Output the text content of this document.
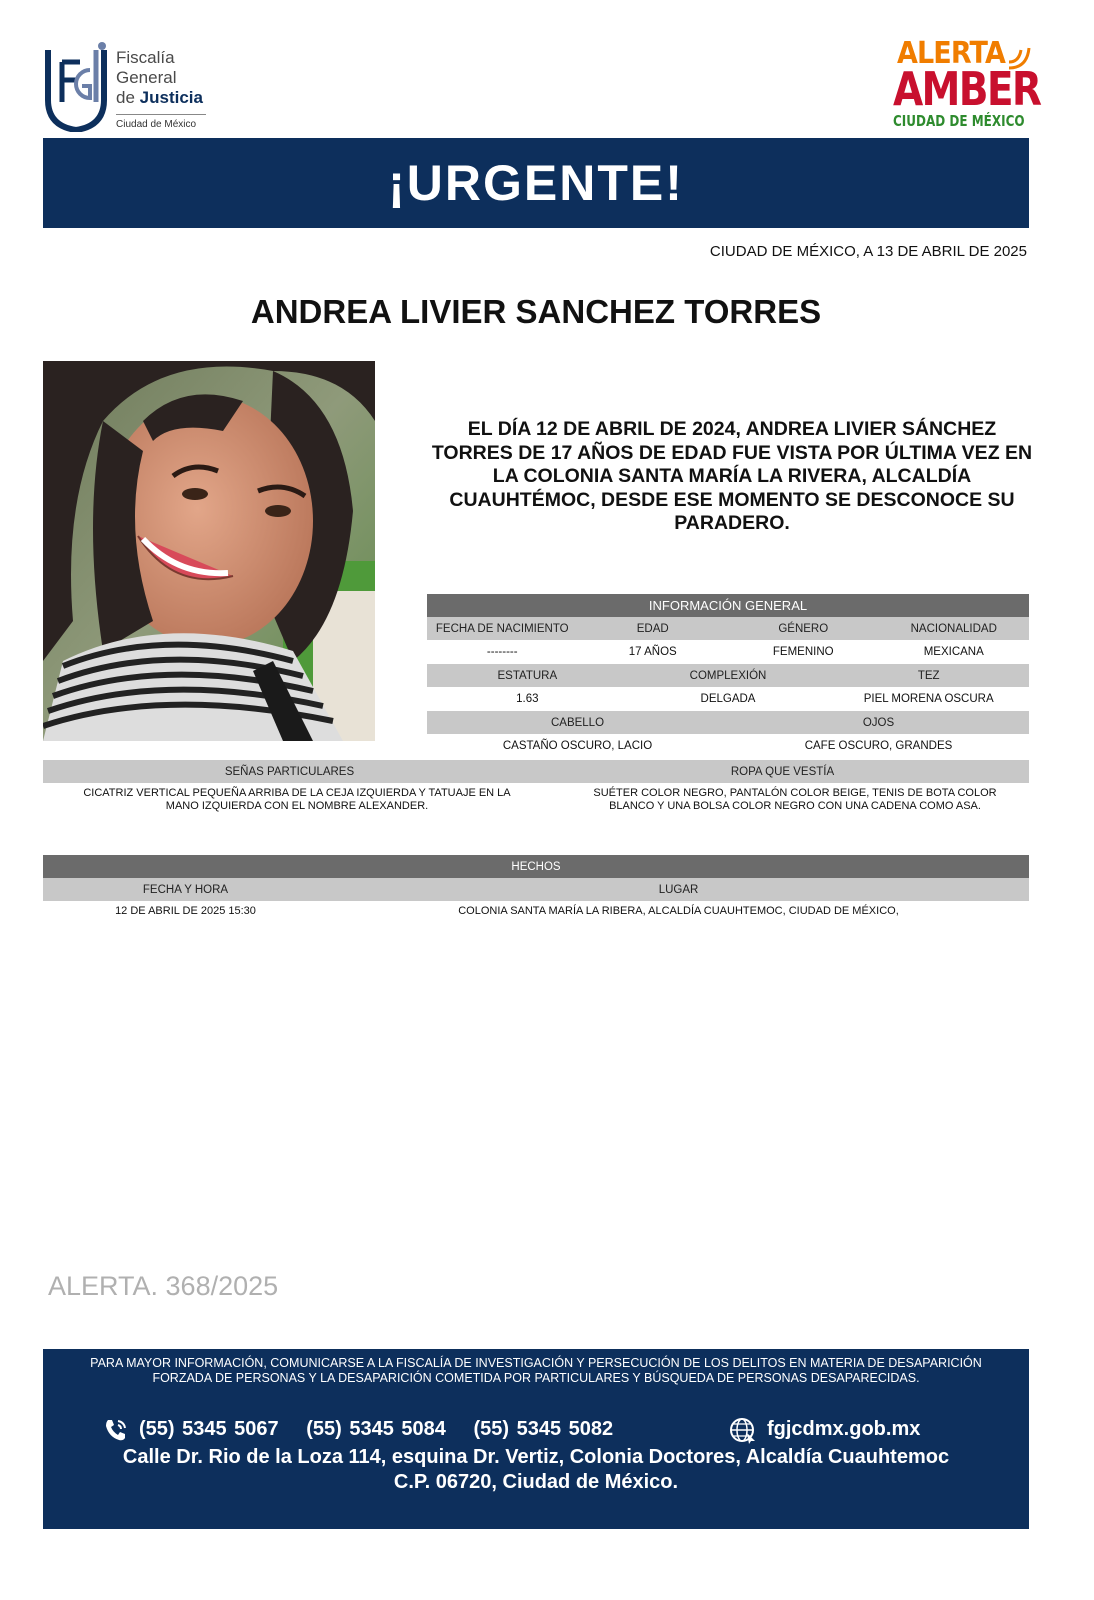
Fiscalía
General
de Justicia
Ciudad de México
ALERTA
AMBER
CIUDAD DE MÉXICO
¡URGENTE!
CIUDAD DE MÉXICO, A 13 DE ABRIL DE 2025
ANDREA LIVIER SANCHEZ TORRES
EL DÍA 12 DE ABRIL DE 2024, ANDREA LIVIER SÁNCHEZ TORRES DE 17 AÑOS DE EDAD FUE VISTA POR ÚLTIMA VEZ EN LA COLONIA SANTA MARÍA LA RIVERA, ALCALDÍA CUAUHTÉMOC, DESDE ESE MOMENTO SE DESCONOCE SU PARADERO.
INFORMACIÓN GENERAL
FECHA DE NACIMIENTO	EDAD	GÉNERO	NACIONALIDAD
--------	17 AÑOS	FEMENINO	MEXICANA
ESTATURA	COMPLEXIÓN	TEZ
1.63	DELGADA	PIEL MORENA OSCURA
CABELLO	OJOS
CASTAÑO OSCURO, LACIO	CAFE OSCURO, GRANDES
SEÑAS PARTICULARES	ROPA QUE VESTÍA
CICATRIZ VERTICAL PEQUEÑA ARRIBA DE LA CEJA IZQUIERDA Y TATUAJE EN LA MANO IZQUIERDA CON EL NOMBRE ALEXANDER.
SUÉTER COLOR NEGRO, PANTALÓN COLOR BEIGE, TENIS DE BOTA COLOR BLANCO Y UNA BOLSA COLOR NEGRO CON UNA CADENA COMO ASA.
HECHOS
FECHA Y HORA	LUGAR
12 DE ABRIL DE 2025 15:30	COLONIA SANTA MARÍA LA RIBERA, ALCALDÍA CUAUHTEMOC, CIUDAD DE MÉXICO,
ALERTA. 368/2025
PARA MAYOR INFORMACIÓN, COMUNICARSE A LA FISCALÍA DE INVESTIGACIÓN Y PERSECUCIÓN DE LOS DELITOS EN MATERIA DE DESAPARICIÓN FORZADA DE PERSONAS Y LA DESAPARICIÓN COMETIDA POR PARTICULARES Y BÚSQUEDA DE PERSONAS DESAPARECIDAS.
(55) 5345 5067 (55) 5345 5084 (55) 5345 5082	fgjcdmx.gob.mx
Calle Dr. Rio de la Loza 114, esquina Dr. Vertiz, Colonia Doctores, Alcaldía Cuauhtemoc
C.P. 06720, Ciudad de México.
